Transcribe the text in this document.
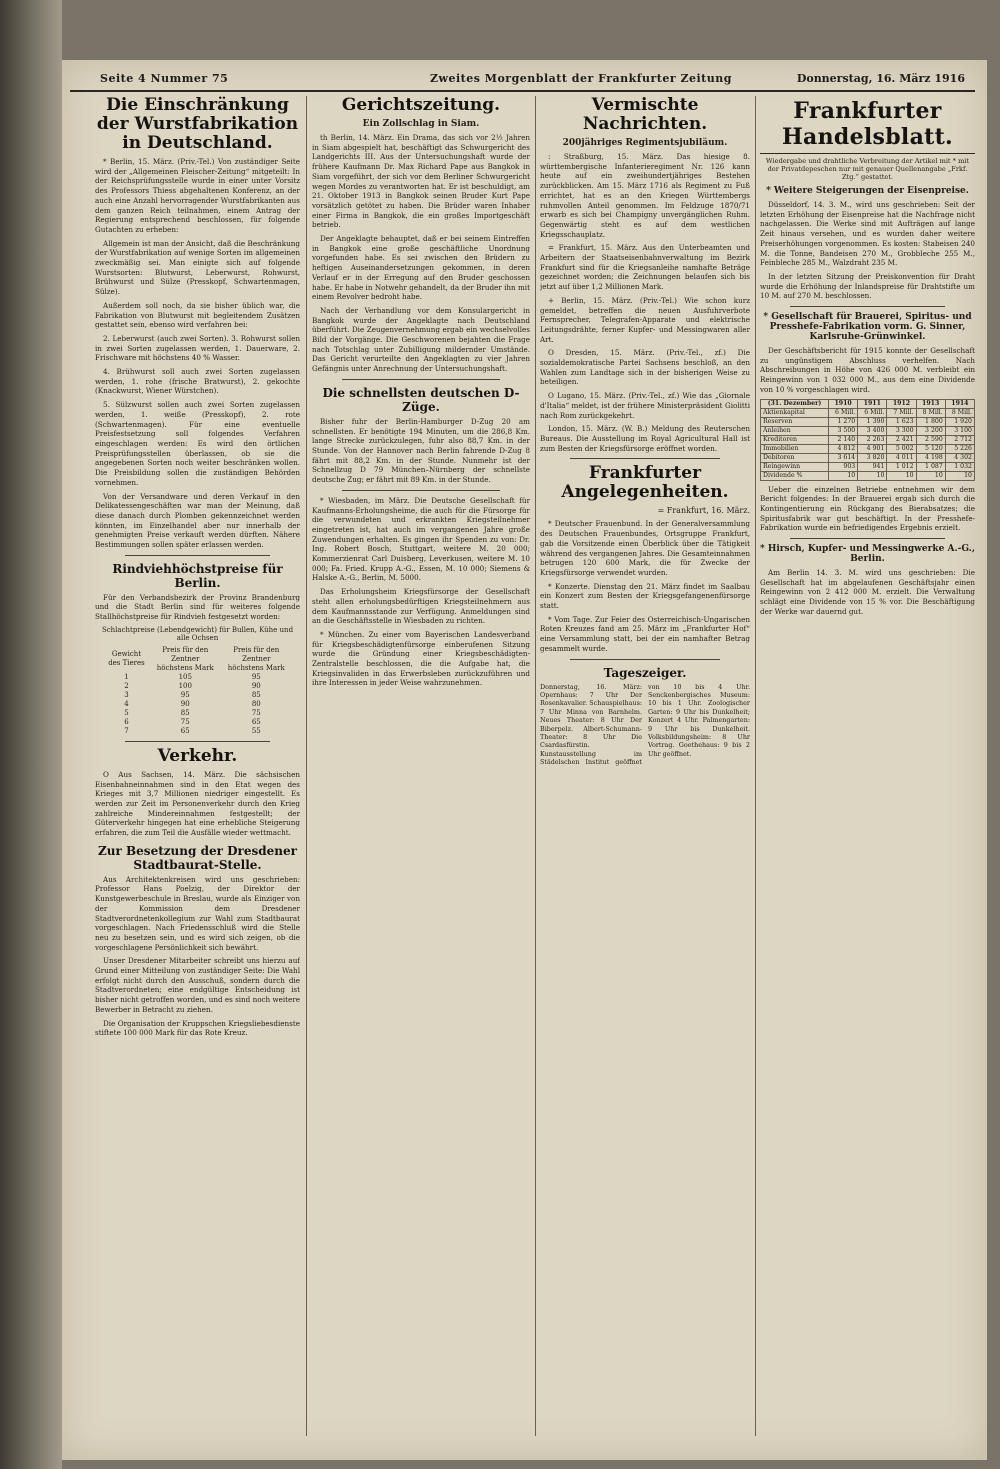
Seite 4 Nummer 75	Zweites Morgenblatt der Frankfurter Zeitung	Donnerstag, 16. März 1916
Die Einschränkung der Wurstfabrikation in Deutschland.

* Berlin, 15. März. (Priv.-Tel.) Von zuständiger Seite wird der „Allgemeinen Fleischer-Zeitung“ mitgeteilt: In der Reichsprüfungsstelle wurde in einer unter Vorsitz des Professors Thiess abgehaltenen Konferenz, an der auch eine Anzahl hervorragender Wurstfabrikanten aus dem ganzen Reich teilnahmen, einem Antrag der Regierung entsprechend beschlossen, für folgende Gutachten zu erheben:

Allgemein ist man der Ansicht, daß die Beschränkung der Wurstfabrikation auf wenige Sorten im allgemeinen zweckmäßig sei. Man einigte sich auf folgende Wurstsorten: Blutwurst, Leberwurst, Rohwurst, Brühwurst und Sülze (Presskopf, Schwartenmagen, Sülze).

Außerdem soll noch, da sie bisher üblich war, die Fabrikation von Blutwurst mit begleitendem Zusätzen gestattet sein, ebenso wird verfahren bei:

2. Leberwurst (auch zwei Sorten). 3. Rohwurst sollen in zwei Sorten zugelassen werden, 1. Dauerware, 2. Frischware mit höchstens 40 % Wasser.

4. Brühwurst soll auch zwei Sorten zugelassen werden, 1. rohe (frische Bratwurst), 2. gekochte (Knackwurst, Wiener Würstchen).

5. Sülzwurst sollen auch zwei Sorten zugelassen werden, 1. weiße (Presskopf), 2. rote (Schwartenmagen). Für eine eventuelle Preisfestsetzung soll folgendes Verfahren eingeschlagen werden: Es wird den örtlichen Preisprüfungsstellen überlassen, ob sie die angegebenen Sorten noch weiter beschränken wollen. Die Preisbildung sollen die zuständigen Behörden vornehmen.

Von der Versandware und deren Verkauf in den Delikatessengeschäften war man der Meinung, daß diese danach durch Plomben gekennzeichnet werden könnten, im Einzelhandel aber nur innerhalb der genehmigten Preise verkauft werden dürften. Nähere Bestimmungen sollen später erlassen werden.

Rindviehhöchstpreise für Berlin.

Für den Verbandsbezirk der Provinz Brandenburg und die Stadt Berlin sind für weiteres folgende Stallhöchstpreise für Rindvieh festgesetzt worden:

Schlachtpreise (Lebendgewicht) für Bullen, Kühe und alle Ochsen

Gewicht des Tieres	Preis für den Zentner höchstens Mark	Preis für den Zentner höchstens Mark
1	105	95
2	100	90
3	95	85
4	90	80
5	85	75
6	75	65
7	65	55
Verkehr.

O Aus Sachsen, 14. März. Die sächsischen Eisenbahneinnahmen sind in den Etat wegen des Krieges mit 3,7 Millionen niedriger eingestellt. Es werden zur Zeit im Personenverkehr durch den Krieg zahlreiche Mindereinnahmen festgestellt; der Güterverkehr hingegen hat eine erhebliche Steigerung erfahren, die zum Teil die Ausfälle wieder wettmacht.

Zur Besetzung der Dresdener Stadtbaurat-Stelle.

Aus Architektenkreisen wird uns geschrieben: Professor Hans Poelzig, der Direktor der Kunstgewerbeschule in Breslau, wurde als Einziger von der Kommission dem Dresdener Stadtverordnetenkollegium zur Wahl zum Stadtbaurat vorgeschlagen. Nach Friedensschluß wird die Stelle neu zu besetzen sein, und es wird sich zeigen, ob die vorgeschlagene Persönlichkeit sich bewährt.

Unser Dresdener Mitarbeiter schreibt uns hierzu auf Grund einer Mitteilung von zuständiger Seite: Die Wahl erfolgt nicht durch den Ausschuß, sondern durch die Stadtverordneten; eine endgültige Entscheidung ist bisher nicht getroffen worden, und es sind noch weitere Bewerber in Betracht zu ziehen.

Die Organisation der Kruppschen Kriegsliebesdienste stiftete 100 000 Mark für das Rote Kreuz.

Gerichtszeitung.

Ein Zollschlag in Siam.

th Berlin, 14. März. Ein Drama, das sich vor 2½ Jahren in Siam abgespielt hat, beschäftigt das Schwurgericht des Landgerichts III. Aus der Untersuchungshaft wurde der frühere Kaufmann Dr. Max Richard Pape aus Bangkok in Siam vorgeführt, der sich vor dem Berliner Schwurgericht wegen Mordes zu verantworten hat. Er ist beschuldigt, am 21. Oktober 1913 in Bangkok seinen Bruder Kurt Pape vorsätzlich getötet zu haben. Die Brüder waren Inhaber einer Firma in Bangkok, die ein großes Importgeschäft betrieb.

Der Angeklagte behauptet, daß er bei seinem Eintreffen in Bangkok eine große geschäftliche Unordnung vorgefunden habe. Es sei zwischen den Brüdern zu heftigen Auseinandersetzungen gekommen, in deren Verlauf er in der Erregung auf den Bruder geschossen habe. Er habe in Notwehr gehandelt, da der Bruder ihn mit einem Revolver bedroht habe.

Nach der Verhandlung vor dem Konsulargericht in Bangkok wurde der Angeklagte nach Deutschland überführt. Die Zeugenvernehmung ergab ein wechselvolles Bild der Vorgänge. Die Geschworenen bejahten die Frage nach Totschlag unter Zubilligung mildernder Umstände. Das Gericht verurteilte den Angeklagten zu vier Jahren Gefängnis unter Anrechnung der Untersuchungshaft.

Die schnellsten deutschen D-Züge.

Bisher fuhr der Berlin-Hamburger D-Zug 20 am schnellsten. Er benötigte 194 Minuten, um die 286,8 Km. lange Strecke zurückzulegen, fuhr also 88,7 Km. in der Stunde. Von der Hannover nach Berlin fahrende D-Zug 8 fährt mit 88,2 Km. in der Stunde. Nunmehr ist der Schnellzug D 79 München–Nürnberg der schnellste deutsche Zug; er fährt mit 89 Km. in der Stunde.

* Wiesbaden, im März. Die Deutsche Gesellschaft für Kaufmanns-Erholungsheime, die auch für die Fürsorge für die verwundeten und erkrankten Kriegsteilnehmer eingetreten ist, hat auch im vergangenen Jahre große Zuwendungen erhalten. Es gingen ihr Spenden zu von: Dr. Ing. Robert Bosch, Stuttgart, weitere M. 20 000; Kommerzienrat Carl Duisberg, Leverkusen, weitere M. 10 000; Fa. Fried. Krupp A.-G., Essen, M. 10 000; Siemens & Halske A.-G., Berlin, M. 5000.

Das Erholungsheim Kriegsfürsorge der Gesellschaft steht allen erholungsbedürftigen Kriegsteilnehmern aus dem Kaufmannsstande zur Verfügung. Anmeldungen sind an die Geschäftsstelle in Wiesbaden zu richten.

* München. Zu einer vom Bayerischen Landesverband für Kriegsbeschädigtenfürsorge einberufenen Sitzung wurde die Gründung einer Kriegsbeschädigten-Zentralstelle beschlossen, die die Aufgabe hat, die Kriegsinvaliden in das Erwerbsleben zurückzuführen und ihre Interessen in jeder Weise wahrzunehmen.

Vermischte Nachrichten.

200jähriges Regimentsjubiläum.

: Straßburg, 15. März. Das hiesige 8. württembergische Infanterieregiment Nr. 126 kann heute auf ein zweihundertjähriges Bestehen zurückblicken. Am 15. März 1716 als Regiment zu Fuß errichtet, hat es an den Kriegen Württembergs ruhmvollen Anteil genommen. Im Feldzuge 1870/71 erwarb es sich bei Champigny unvergänglichen Ruhm. Gegenwärtig steht es auf dem westlichen Kriegsschauplatz.

= Frankfurt, 15. März. Aus den Unterbeamten und Arbeitern der Staatseisenbahnverwaltung im Bezirk Frankfurt sind für die Kriegsanleihe namhafte Beträge gezeichnet worden; die Zeichnungen belaufen sich bis jetzt auf über 1,2 Millionen Mark.

+ Berlin, 15. März. (Priv.-Tel.) Wie schon kurz gemeldet, betreffen die neuen Ausfuhrverbote Fernsprecher, Telegrafen-Apparate und elektrische Leitungsdrähte, ferner Kupfer- und Messingwaren aller Art.

O Dresden, 15. März. (Priv.-Tel., zf.) Die sozialdemokratische Partei Sachsens beschloß, an den Wahlen zum Landtage sich in der bisherigen Weise zu beteiligen.

O Lugano, 15. März. (Priv.-Tel., zf.) Wie das „Giornale d'Italia“ meldet, ist der frühere Ministerpräsident Giolitti nach Rom zurückgekehrt.

London, 15. März. (W. B.) Meldung des Reuterschen Bureaus. Die Ausstellung im Royal Agricultural Hall ist zum Besten der Kriegsfürsorge eröffnet worden.

Frankfurter Angelegenheiten.

= Frankfurt, 16. März.

* Deutscher Frauenbund. In der Generalversammlung des Deutschen Frauenbundes, Ortsgruppe Frankfurt, gab die Vorsitzende einen Überblick über die Tätigkeit während des vergangenen Jahres. Die Gesamteinnahmen betrugen 120 600 Mark, die für Zwecke der Kriegsfürsorge verwendet wurden.

* Konzerte. Dienstag den 21. März findet im Saalbau ein Konzert zum Besten der Kriegsgefangenenfürsorge statt.

* Vom Tage. Zur Feier des Osterreichisch-Ungarischen Roten Kreuzes fand am 25. März im „Frankfurter Hof“ eine Versammlung statt, bei der ein namhafter Betrag gesammelt wurde.

Tageszeiger.
Donnerstag, 16. März: Opernhaus: 7 Uhr Der Rosenkavalier. Schauspielhaus: 7 Uhr Minna von Barnhelm. Neues Theater: 8 Uhr Der Biberpelz. Albert-Schumann-Theater: 8 Uhr Die Csardasfürstin. Kunstausstellung im Städelschen Institut geöffnet von 10 bis 4 Uhr. Senckenbergisches Museum: 10 bis 1 Uhr. Zoologischer Garten: 9 Uhr bis Dunkelheit; Konzert 4 Uhr. Palmengarten: 9 Uhr bis Dunkelheit. Volksbildungsheim: 8 Uhr Vortrag. Goethehaus: 9 bis 2 Uhr geöffnet.
Frankfurter Handelsblatt.

Wiedergabe und drahtliche Verbreitung der Artikel mit * mit der Privatdepeschen nur mit genauer Quellenangabe „Frkf. Ztg.“ gestattet.

* Weitere Steigerungen der Eisenpreise.

Düsseldorf, 14. 3. M., wird uns geschrieben: Seit der letzten Erhöhung der Eisenpreise hat die Nachfrage nicht nachgelassen. Die Werke sind mit Aufträgen auf lange Zeit hinaus versehen, und es wurden daher weitere Preiserhöhungen vorgenommen. Es kosten: Stabeisen 240 M. die Tonne, Bandeisen 270 M., Grobbleche 255 M., Feinbleche 285 M., Walzdraht 235 M.

In der letzten Sitzung der Preiskonvention für Draht wurde die Erhöhung der Inlandspreise für Drahtstifte um 10 M. auf 270 M. beschlossen.

* Gesellschaft für Brauerei, Spiritus- und Presshefe-Fabrikation vorm. G. Sinner, Karlsruhe-Grünwinkel.

Der Geschäftsbericht für 1915 konnte der Gesellschaft zu ungünstigem Abschluss verhelfen. Nach Abschreibungen in Höhe von 426 000 M. verbleibt ein Reingewinn von 1 032 000 M., aus dem eine Dividende von 10 % vorgeschlagen wird.

(31. Dezember)	1910	1911	1912	1913	1914
Aktienkapital	6 Mill.	6 Mill.	7 Mill.	8 Mill.	8 Mill.
Reserven	1 270	1 390	1 623	1 800	1 920
Anleihen	3 500	3 400	3 300	3 200	3 100
Kreditoren	2 140	2 263	2 421	2 590	2 712
Immobilien	4 812	4 901	5 002	5 120	5 226
Debitoren	3 614	3 820	4 011	4 198	4 302
Reingewinn	903	941	1 012	1 087	1 032
Dividende %	10	10	10	10	10

Ueber die einzelnen Betriebe entnehmen wir dem Bericht folgendes: In der Brauerei ergab sich durch die Kontingentierung ein Rückgang des Bierabsatzes; die Spiritusfabrik war gut beschäftigt. In der Presshefe-Fabrikation wurde ein befriedigendes Ergebnis erzielt.

* Hirsch, Kupfer- und Messingwerke A.-G., Berlin.

Am Berlin 14. 3. M. wird uns geschrieben: Die Gesellschaft hat im abgelaufenen Geschäftsjahr einen Reingewinn von 2 412 000 M. erzielt. Die Verwaltung schlägt eine Dividende von 15 % vor. Die Beschäftigung der Werke war dauernd gut.
